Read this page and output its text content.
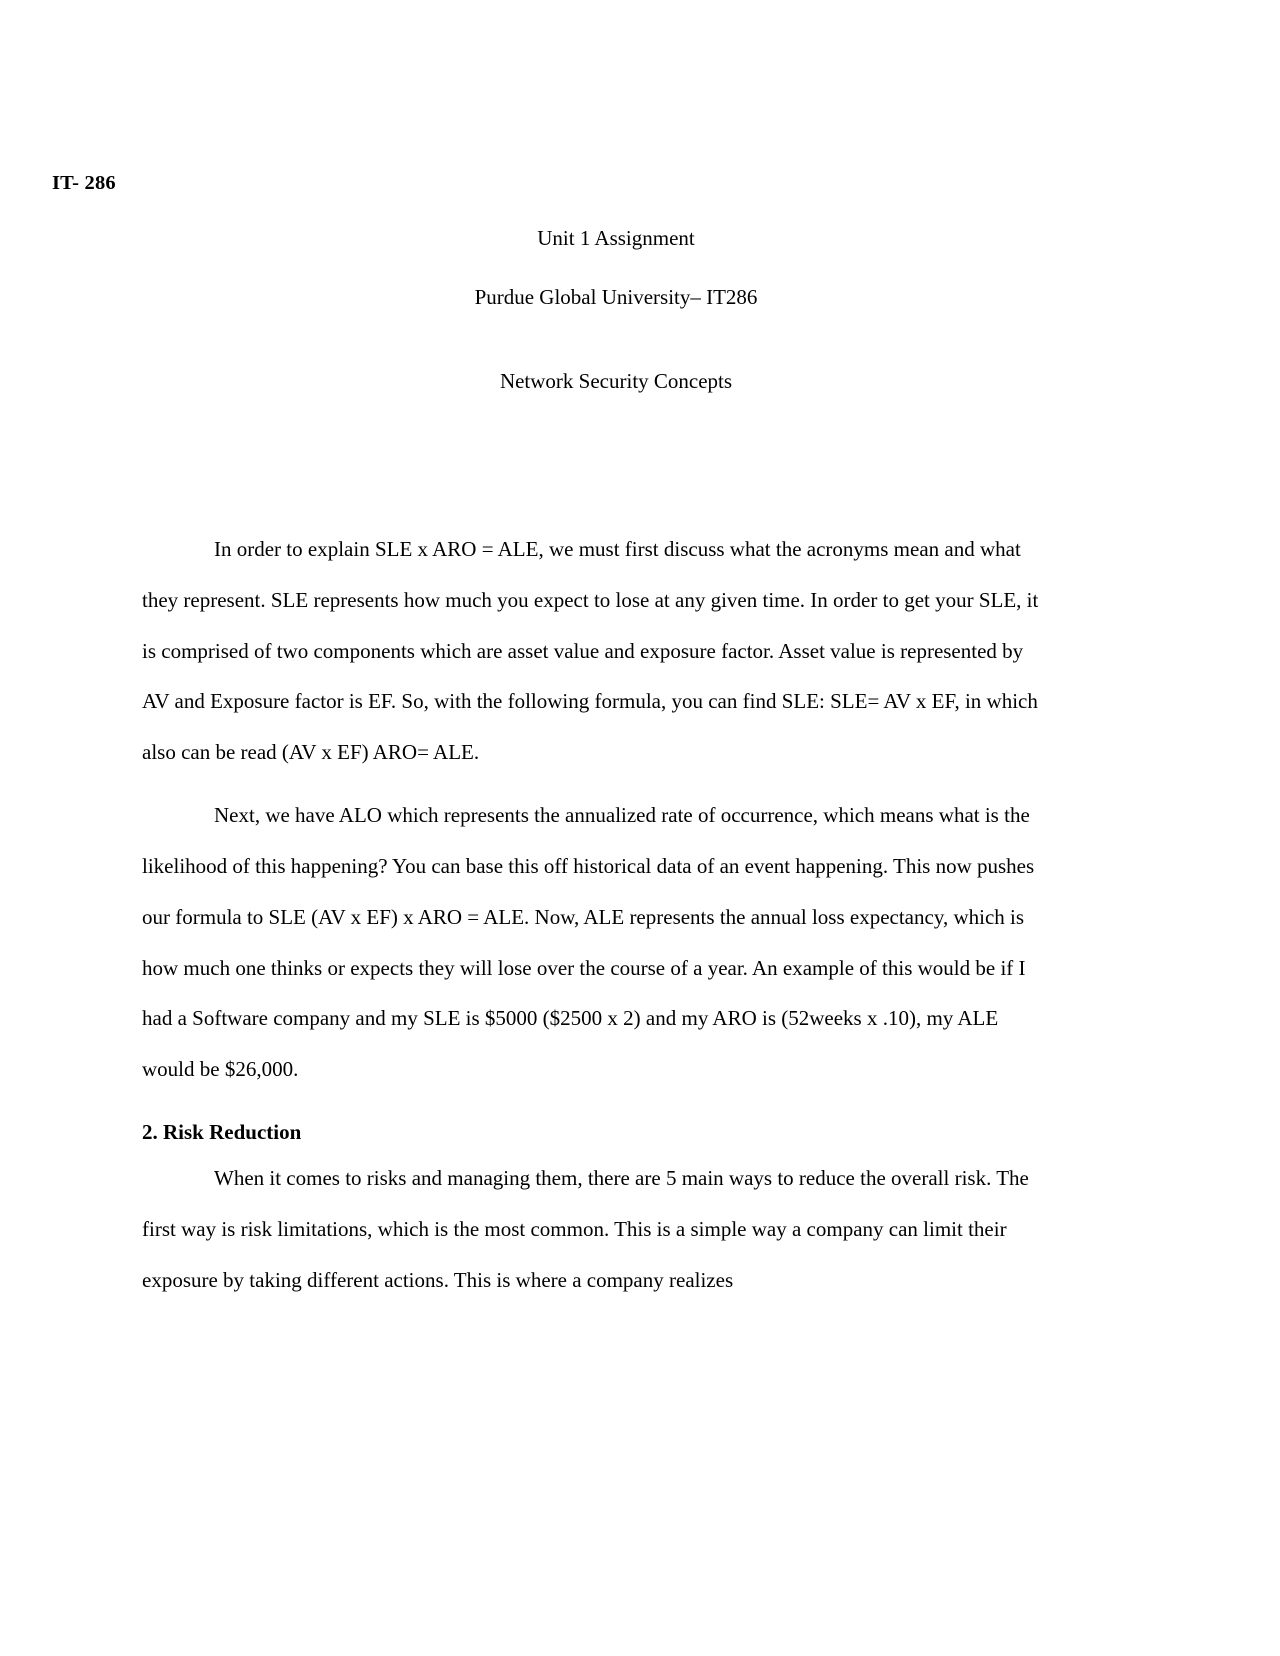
IT- 286

Unit 1 Assignment

Purdue Global University– IT286

Network Security Concepts

In order to explain SLE x ARO = ALE, we must first discuss what the acronyms mean and what they represent. SLE represents how much you expect to lose at any given time. In order to get your SLE, it is comprised of two components which are asset value and exposure factor. Asset value is represented by AV and Exposure factor is EF. So, with the following formula, you can find SLE: SLE= AV x EF, in which also can be read (AV x EF) ARO= ALE.

Next, we have ALO which represents the annualized rate of occurrence, which means what is the likelihood of this happening? You can base this off historical data of an event happening. This now pushes our formula to SLE (AV x EF) x ARO = ALE. Now, ALE represents the annual loss expectancy, which is how much one thinks or expects they will lose over the course of a year. An example of this would be if I had a Software company and my SLE is $5000 ($2500 x 2) and my ARO is (52weeks x .10), my ALE would be $26,000.

2. Risk Reduction

When it comes to risks and managing them, there are 5 main ways to reduce the overall risk. The first way is risk limitations, which is the most common. This is a simple way a company can limit their exposure by taking different actions. This is where a company realizes
